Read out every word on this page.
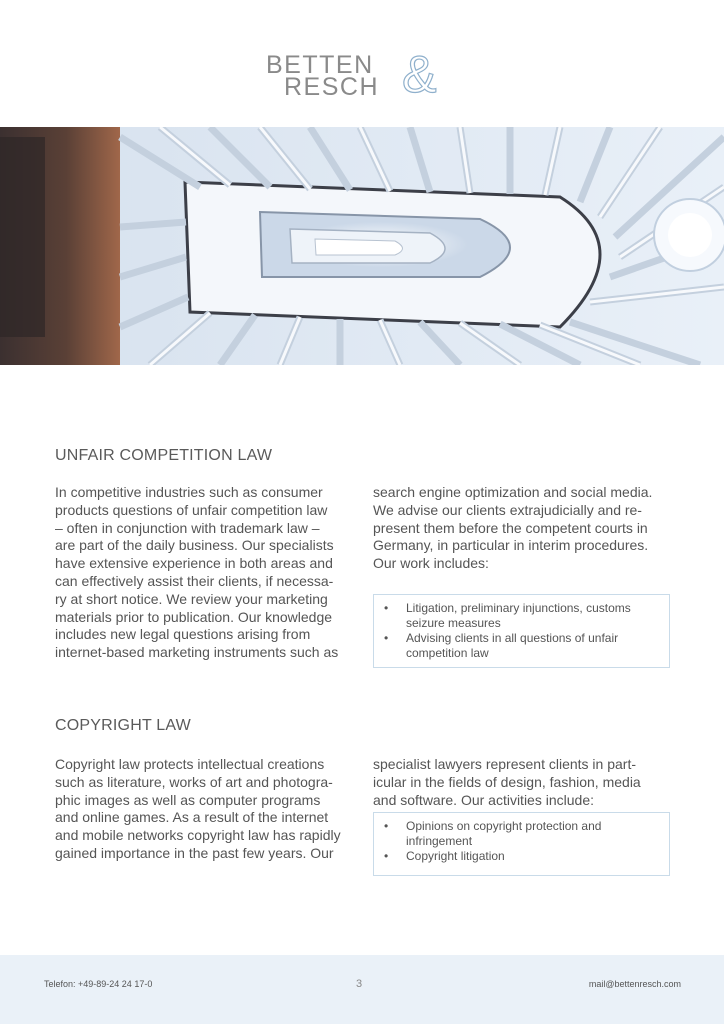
BETTEN
RESCH &
UNFAIR COMPETITION LAW

In competitive industries such as consumer

products questions of unfair competition law

– often in conjunction with trademark law –

are part of the daily business. Our specialists

have extensive experience in both areas and

can effectively assist their clients, if necessa-

ry at short notice. We review your marketing

materials prior to publication. Our knowledge

includes new legal questions arising from

internet-based marketing instruments such as

search engine optimization and social media.

We advise our clients extrajudicially and re-

present them before the competent courts in

Germany, in particular in interim procedures.

Our work includes:

• Litigation, preliminary injunctions, customs
seizure measures
• Advising clients in all questions of unfair
competition law
COPYRIGHT LAW

Copyright law protects intellectual creations

such as literature, works of art and photogra-

phic images as well as computer programs

and online games. As a result of the internet

and mobile networks copyright law has rapidly

gained importance in the past few years. Our

specialist lawyers represent clients in part-

icular in the fields of design, fashion, media

and software. Our activities include:

• Opinions on copyright protection and
infringement
• Copyright litigation
Telefon: +49-89-24 24 17-0	3	mail@bettenresch.com
